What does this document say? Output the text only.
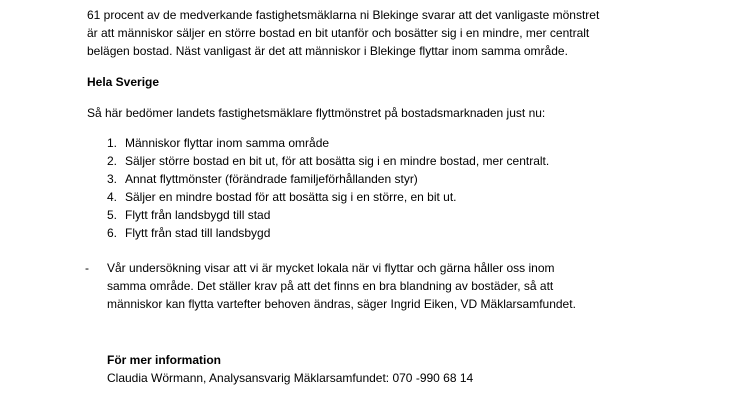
61 procent av de medverkande fastighetsmäklarna ni Blekinge svarar att det vanligaste mönstret
är att människor säljer en större bostad en bit utanför och bosätter sig i en mindre, mer centralt
belägen bostad. Näst vanligast är det att människor i Blekinge flyttar inom samma område.
Hela Sverige
Så här bedömer landets fastighetsmäklare flyttmönstret på bostadsmarknaden just nu:
1. Människor flyttar inom samma område
2. Säljer större bostad en bit ut, för att bosätta sig i en mindre bostad, mer centralt.
3. Annat flyttmönster (förändrade familjeförhållanden styr)
4. Säljer en mindre bostad för att bosätta sig i en större, en bit ut.
5. Flytt från landsbygd till stad
6. Flytt från stad till landsbygd
- Vår undersökning visar att vi är mycket lokala när vi flyttar och gärna håller oss inom
samma område. Det ställer krav på att det finns en bra blandning av bostäder, så att
människor kan flytta vartefter behoven ändras, säger Ingrid Eiken, VD Mäklarsamfundet.
För mer information
Claudia Wörmann, Analysansvarig Mäklarsamfundet: 070 -990 68 14
